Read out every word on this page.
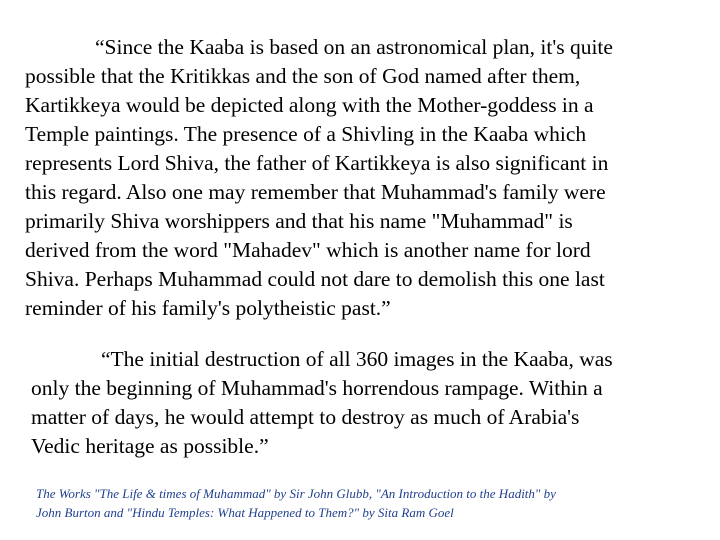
“Since the Kaaba is based on an astronomical plan, it's quite
possible that the Kritikkas and the son of God named after them,
Kartikkeya would be depicted along with the Mother-goddess in a
Temple paintings. The presence of a Shivling in the Kaaba which
represents Lord Shiva, the father of Kartikkeya is also significant in
this regard. Also one may remember that Muhammad's family were
primarily Shiva worshippers and that his name "Muhammad" is
derived from the word "Mahadev" which is another name for lord
Shiva. Perhaps Muhammad could not dare to demolish this one last
reminder of his family's polytheistic past.”
“The initial destruction of all 360 images in the Kaaba, was
only the beginning of Muhammad's horrendous rampage. Within a
matter of days, he would attempt to destroy as much of Arabia's
Vedic heritage as possible.”
The Works "The Life & times of Muhammad" by Sir John Glubb, "An Introduction to the Hadith" by
John Burton and "Hindu Temples: What Happened to Them?" by Sita Ram Goel
